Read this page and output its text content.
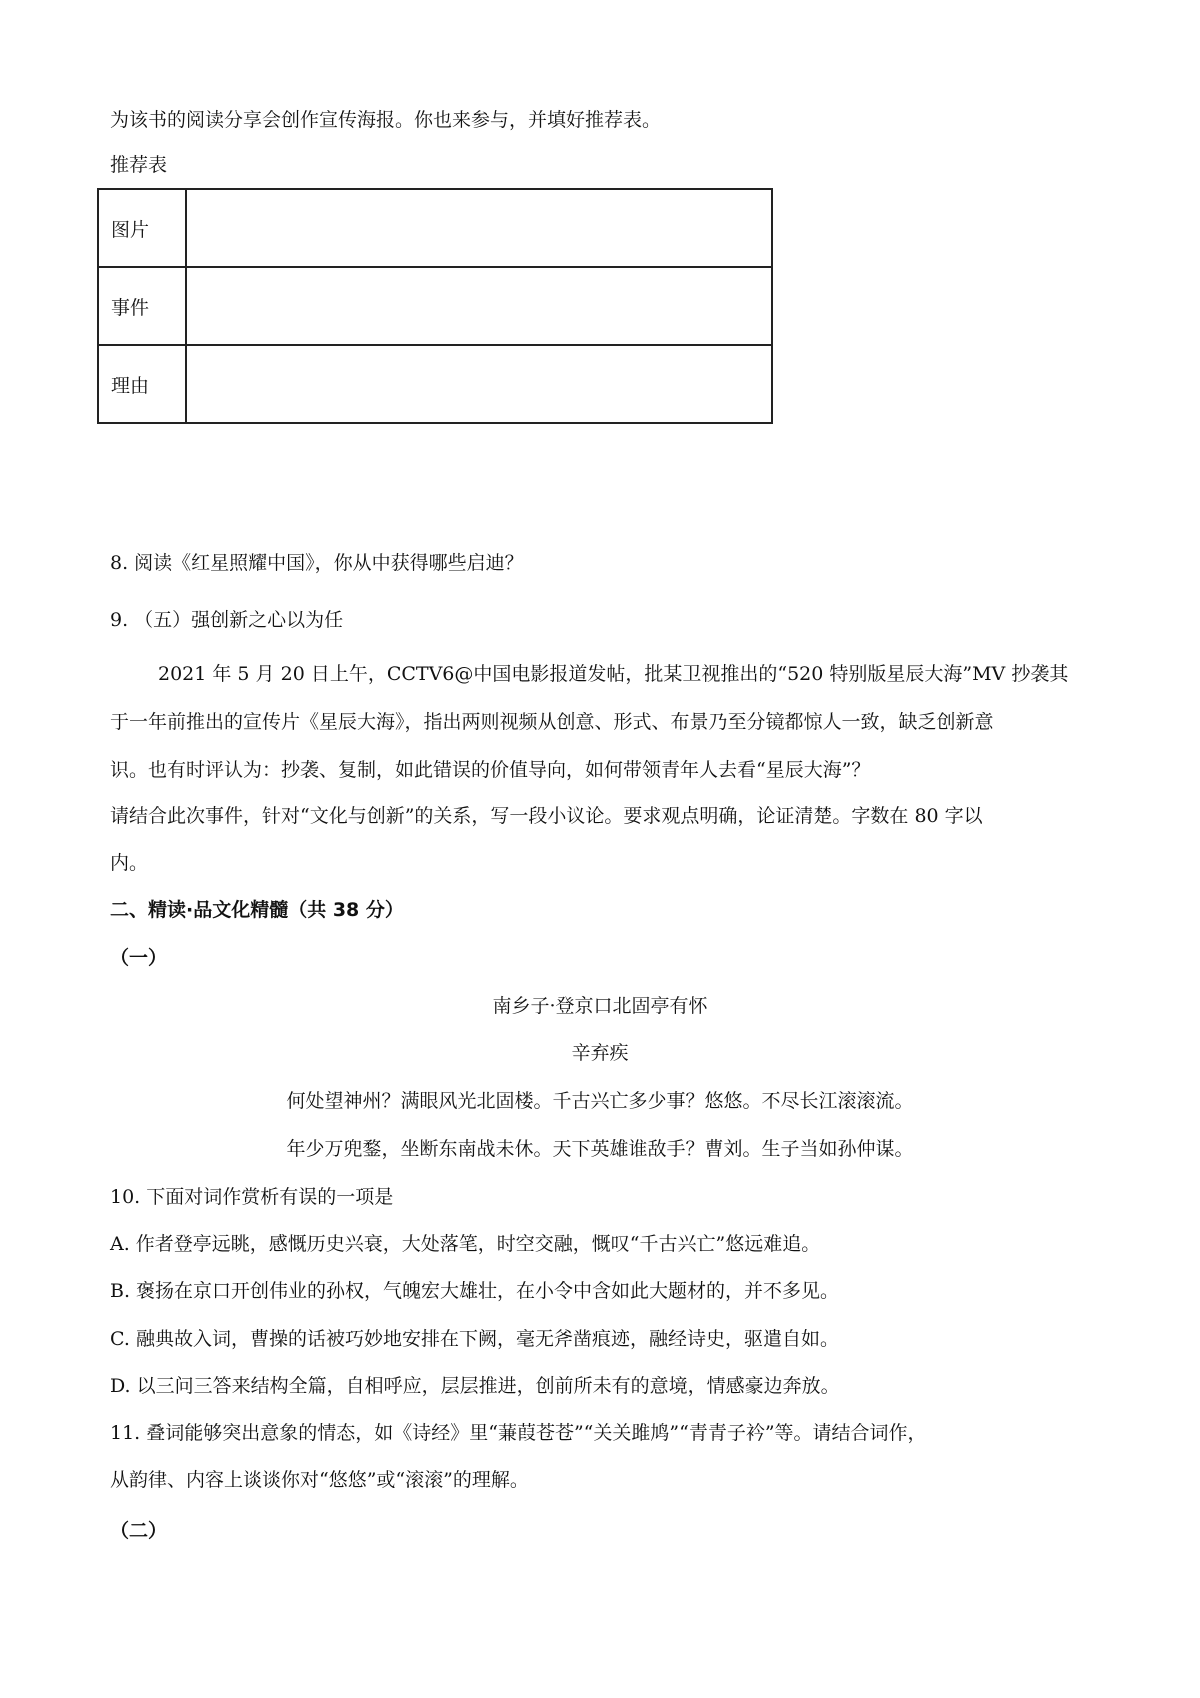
为该书的阅读分享会创作宣传海报。你也来参与，并填好推荐表。
推荐表
图片	
事件	
理由	
8. 阅读《红星照耀中国》，你从中获得哪些启迪？
9. （五）强创新之心以为任
2021 年 5 月 20 日上午，CCTV6@中国电影报道发帖，批某卫视推出的“520 特别版星辰大海”MV 抄袭其
于一年前推出的宣传片《星辰大海》，指出两则视频从创意、形式、布景乃至分镜都惊人一致，缺乏创新意
识。也有时评认为：抄袭、复制，如此错误的价值导向，如何带领青年人去看“星辰大海”？
请结合此次事件，针对“文化与创新”的关系，写一段小议论。要求观点明确，论证清楚。字数在 80 字以
内。
二、精读·品文化精髓（共 38 分）
（一）
南乡子·登京口北固亭有怀
辛弃疾
何处望神州？满眼风光北固楼。千古兴亡多少事？悠悠。不尽长江滚滚流。
年少万兜鍪，坐断东南战未休。天下英雄谁敌手？曹刘。生子当如孙仲谋。
10. 下面对词作赏析有误的一项是
A. 作者登亭远眺，感慨历史兴衰，大处落笔，时空交融，慨叹“千古兴亡”悠远难追。
B. 褒扬在京口开创伟业的孙权，气魄宏大雄壮，在小令中含如此大题材的，并不多见。
C. 融典故入词，曹操的话被巧妙地安排在下阙，毫无斧凿痕迹，融经诗史，驱遣自如。
D. 以三问三答来结构全篇，自相呼应，层层推进，创前所未有的意境，情感豪边奔放。
11. 叠词能够突出意象的情态，如《诗经》里“蒹葭苍苍”“关关雎鸠”“青青子衿”等。请结合词作，
从韵律、内容上谈谈你对“悠悠”或“滚滚”的理解。
（二）
